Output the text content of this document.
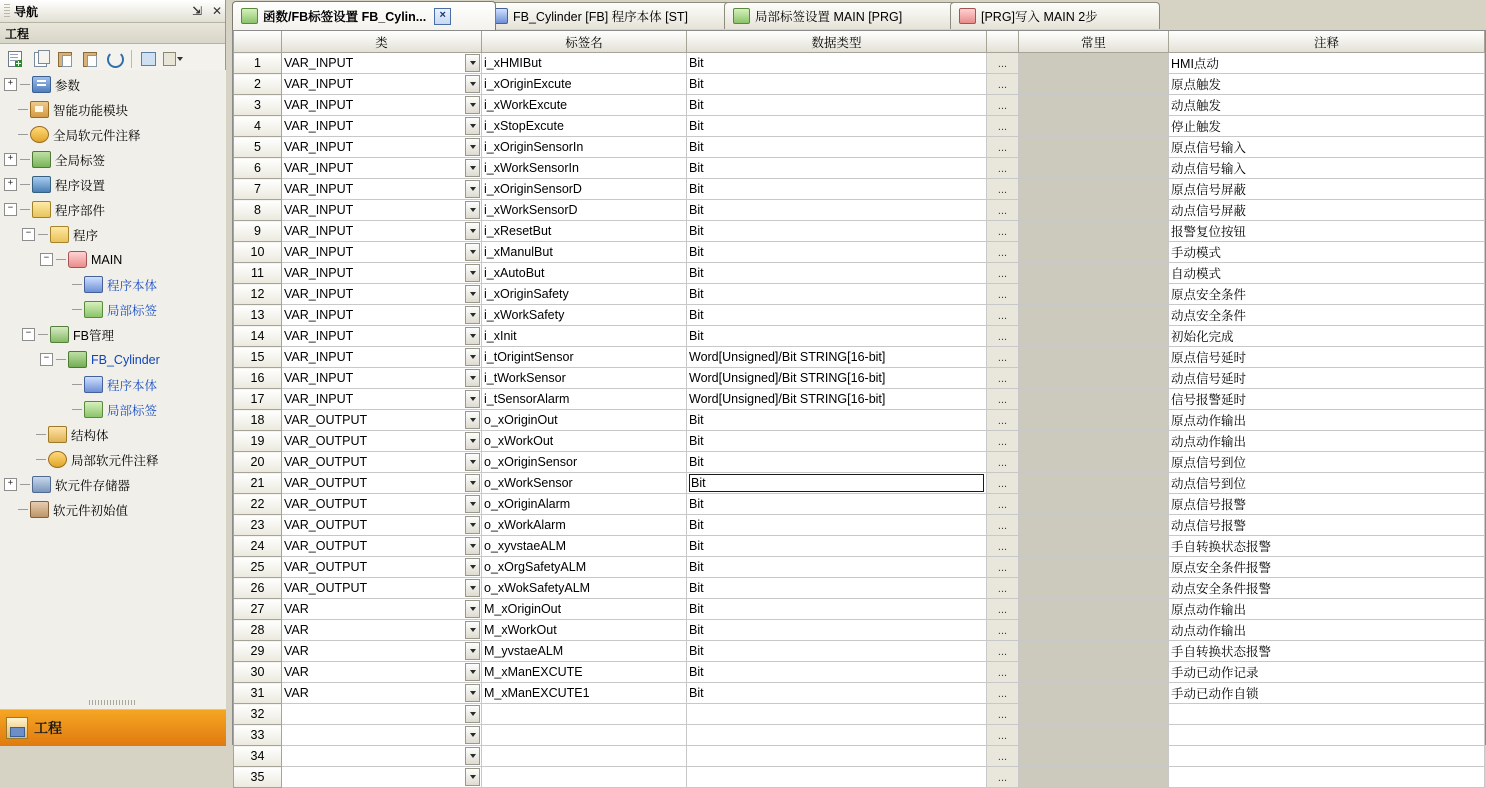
导航	⇲ ✕
工程
+	参数
智能功能模块
全局软元件注释
+	全局标签
+	程序设置
−	程序部件
−	程序
−	MAIN
程序本体
局部标签
−	FB管理
−	FB_Cylinder
程序本体
局部标签
结构体
局部软元件注释
+	软元件存储器
软元件初始值
工程
函数/FB标签设置 FB_Cylin...	×	FB_Cylinder [FB] 程序本体 [ST]	局部标签设置 MAIN [PRG]	[PRG]写入 MAIN 2步
	类	标签名	数据类型		常里	注释
1	VAR_INPUT	i_xHMIBut	Bit	...		HMI点动
2	VAR_INPUT	i_xOriginExcute	Bit	...		原点触发
3	VAR_INPUT	i_xWorkExcute	Bit	...		动点触发
4	VAR_INPUT	i_xStopExcute	Bit	...		停止触发
5	VAR_INPUT	i_xOriginSensorIn	Bit	...		原点信号输入
6	VAR_INPUT	i_xWorkSensorIn	Bit	...		动点信号输入
7	VAR_INPUT	i_xOriginSensorD	Bit	...		原点信号屏蔽
8	VAR_INPUT	i_xWorkSensorD	Bit	...		动点信号屏蔽
9	VAR_INPUT	i_xResetBut	Bit	...		报警复位按钮
10	VAR_INPUT	i_xManulBut	Bit	...		手动模式
11	VAR_INPUT	i_xAutoBut	Bit	...		自动模式
12	VAR_INPUT	i_xOriginSafety	Bit	...		原点安全条件
13	VAR_INPUT	i_xWorkSafety	Bit	...		动点安全条件
14	VAR_INPUT	i_xInit	Bit	...		初始化完成
15	VAR_INPUT	i_tOrigintSensor	Word[Unsigned]/Bit STRING[16-bit]	...		原点信号延时
16	VAR_INPUT	i_tWorkSensor	Word[Unsigned]/Bit STRING[16-bit]	...		动点信号延时
17	VAR_INPUT	i_tSensorAlarm	Word[Unsigned]/Bit STRING[16-bit]	...		信号报警延时
18	VAR_OUTPUT	o_xOriginOut	Bit	...		原点动作输出
19	VAR_OUTPUT	o_xWorkOut	Bit	...		动点动作输出
20	VAR_OUTPUT	o_xOriginSensor	Bit	...		原点信号到位
21	VAR_OUTPUT	o_xWorkSensor	Bit	...		动点信号到位
22	VAR_OUTPUT	o_xOriginAlarm	Bit	...		原点信号报警
23	VAR_OUTPUT	o_xWorkAlarm	Bit	...		动点信号报警
24	VAR_OUTPUT	o_xyvstaeALM	Bit	...		手自转换状态报警
25	VAR_OUTPUT	o_xOrgSafetyALM	Bit	...		原点安全条件报警
26	VAR_OUTPUT	o_xWokSafetyALM	Bit	...		动点安全条件报警
27	VAR	M_xOriginOut	Bit	...		原点动作输出
28	VAR	M_xWorkOut	Bit	...		动点动作输出
29	VAR	M_yvstaeALM	Bit	...		手自转换状态报警
30	VAR	M_xManEXCUTE	Bit	...		手动已动作记录
31	VAR	M_xManEXCUTE1	Bit	...		手动已动作自锁
32				...		
33				...		
34				...		
35				...		
